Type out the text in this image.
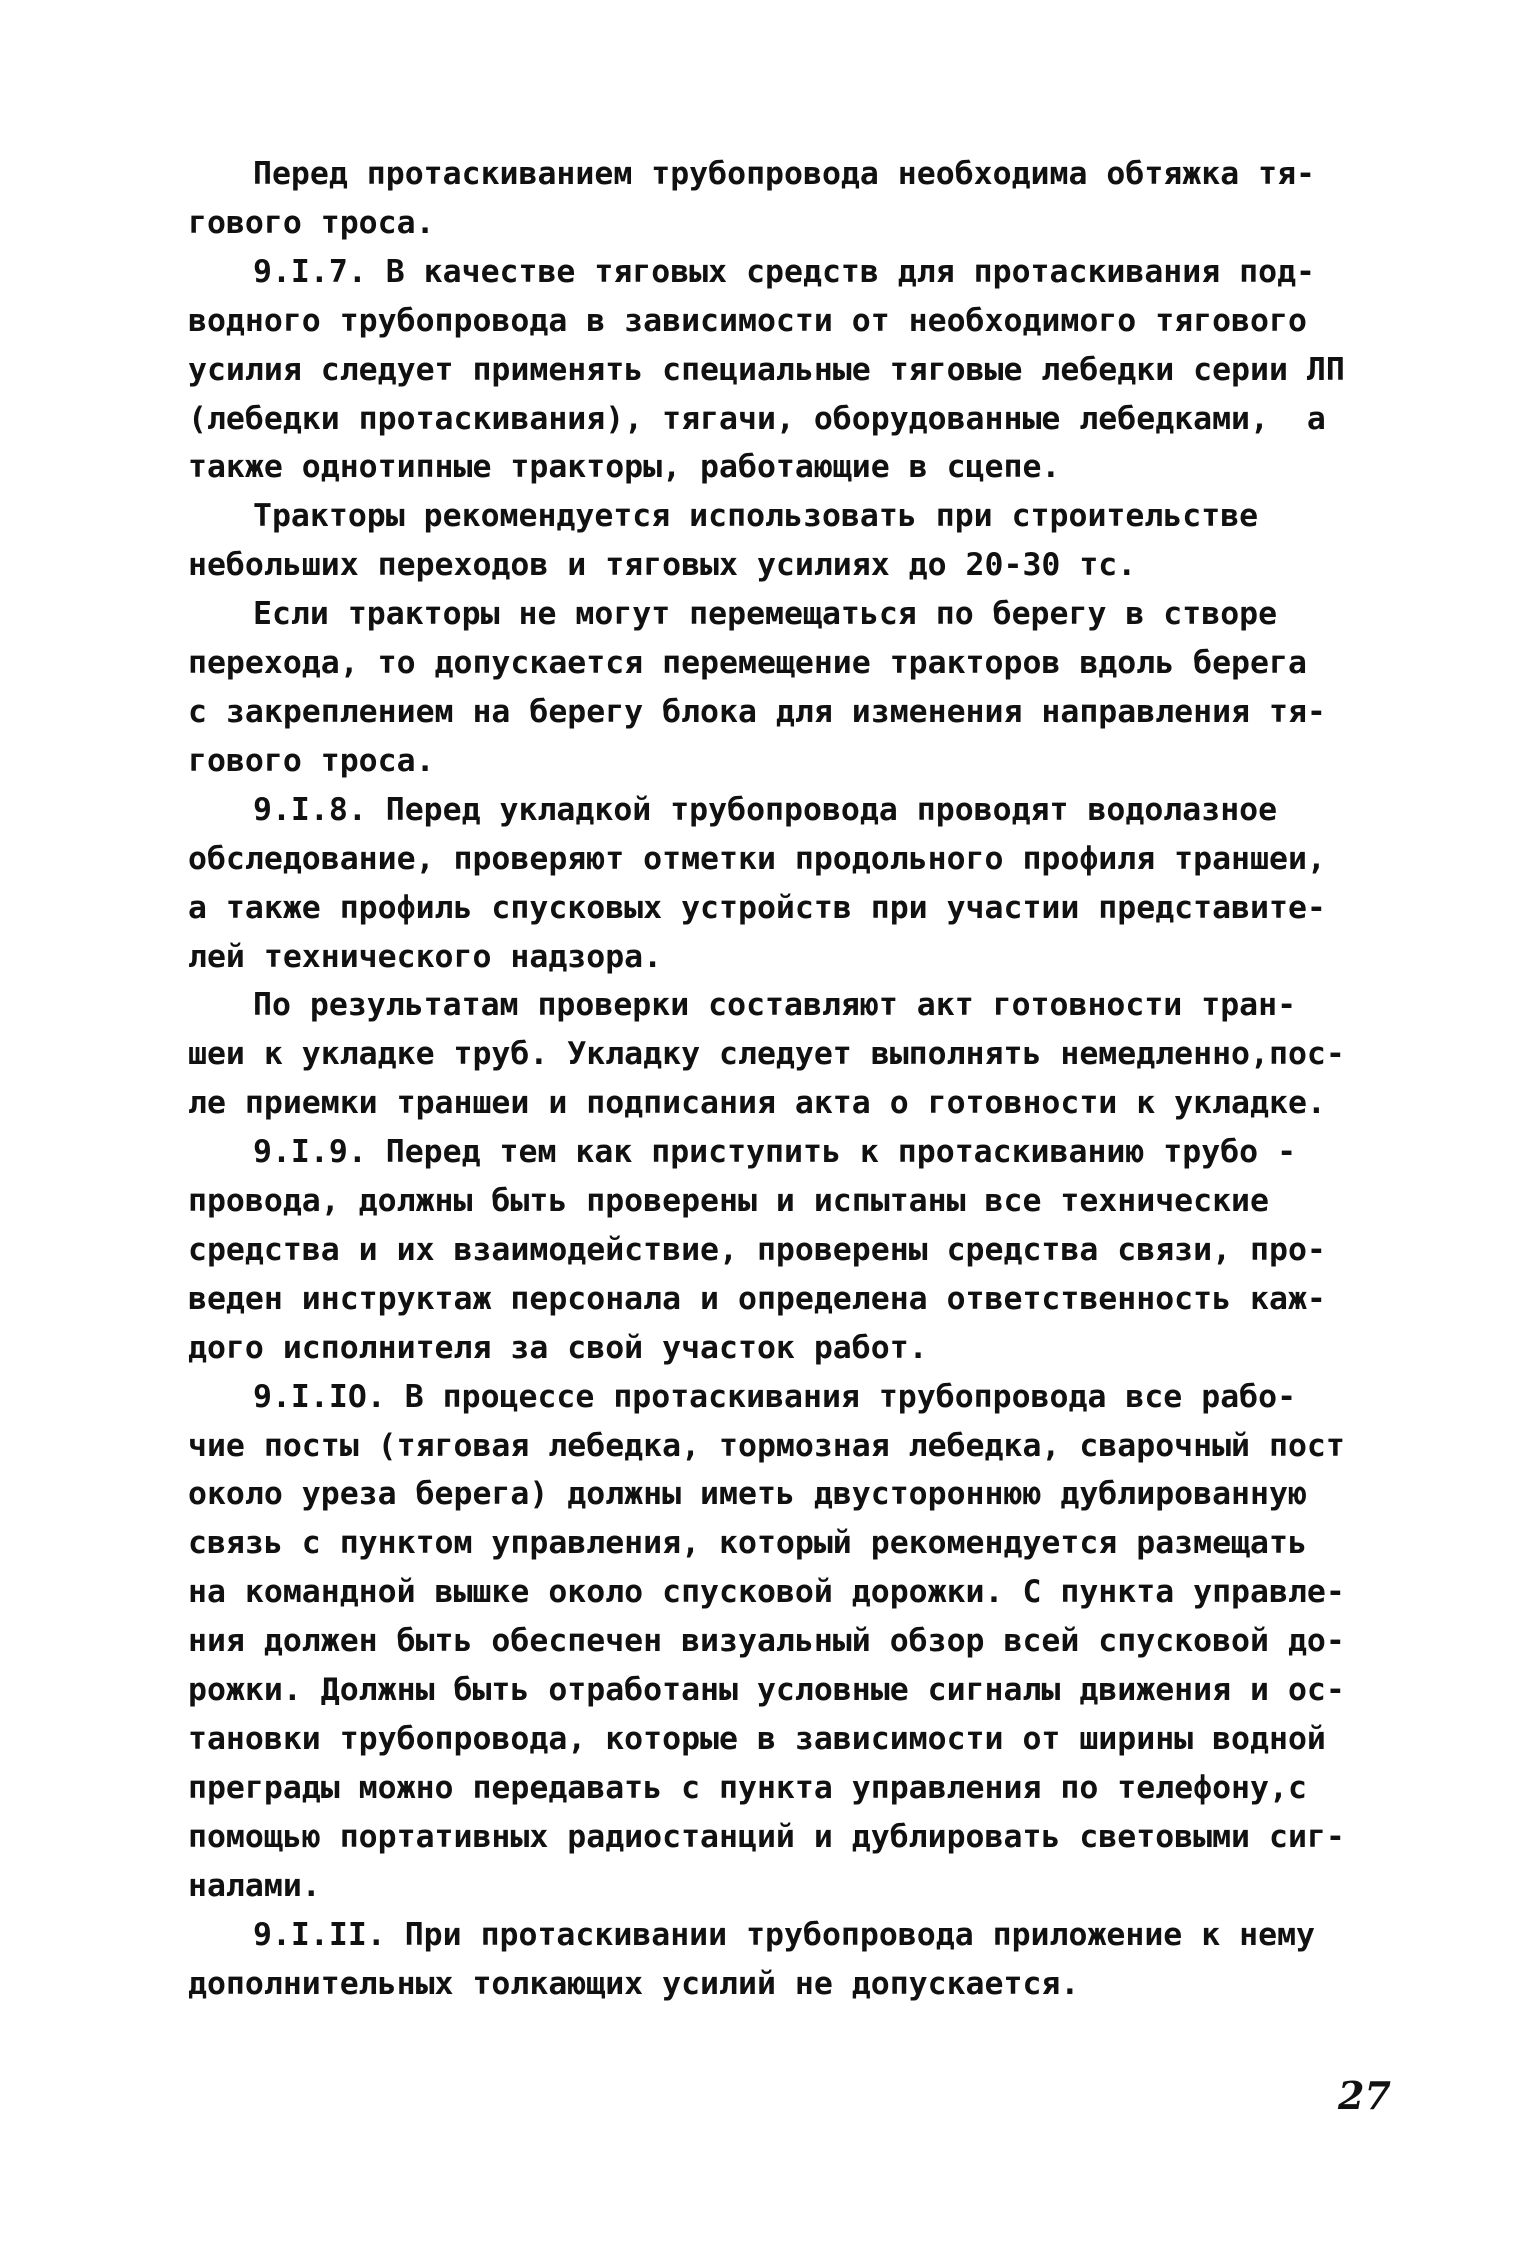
Перед протаскиванием трубопровода необходима обтяжка тя-
гового троса.

9.I.7. В качестве тяговых средств для протаскивания под-
водного трубопровода в зависимости от необходимого тягового
усилия следует применять специальные тяговые лебедки серии ЛП
(лебедки протаскивания), тягачи, оборудованные лебедками,  а
также однотипные тракторы, работающие в сцепе.

Тракторы рекомендуется использовать при строительстве
небольших переходов и тяговых усилиях до 20-30 тс.

Если тракторы не могут перемещаться по берегу в створе
перехода, то допускается перемещение тракторов вдоль берега
с закреплением на берегу блока для изменения направления тя-
гового троса.

9.I.8. Перед укладкой трубопровода проводят водолазное
обследование, проверяют отметки продольного профиля траншеи,
а также профиль спусковых устройств при участии представите-
лей технического надзора.

По результатам проверки составляют акт готовности тран-
шеи к укладке труб. Укладку следует выполнять немедленно,пос-
ле приемки траншеи и подписания акта о готовности к укладке.

9.I.9. Перед тем как приступить к протаскиванию трубо -
провода, должны быть проверены и испытаны все технические
средства и их взаимодействие, проверены средства связи, про-
веден инструктаж персонала и определена ответственность каж-
дого исполнителя за свой участок работ.

9.I.IO. В процессе протаскивания трубопровода все рабо-
чие посты (тяговая лебедка, тормозная лебедка, сварочный пост
около уреза берега) должны иметь двустороннюю дублированную
связь с пунктом управления, который рекомендуется размещать
на командной вышке около спусковой дорожки. С пункта управле-
ния должен быть обеспечен визуальный обзор всей спусковой до-
рожки. Должны быть отработаны условные сигналы движения и ос-
тановки трубопровода, которые в зависимости от ширины водной
преграды можно передавать с пункта управления по телефону,с
помощью портативных радиостанций и дублировать световыми сиг-
налами.

9.I.II. При протаскивании трубопровода приложение к нему
дополнительных толкающих усилий не допускается.

27
